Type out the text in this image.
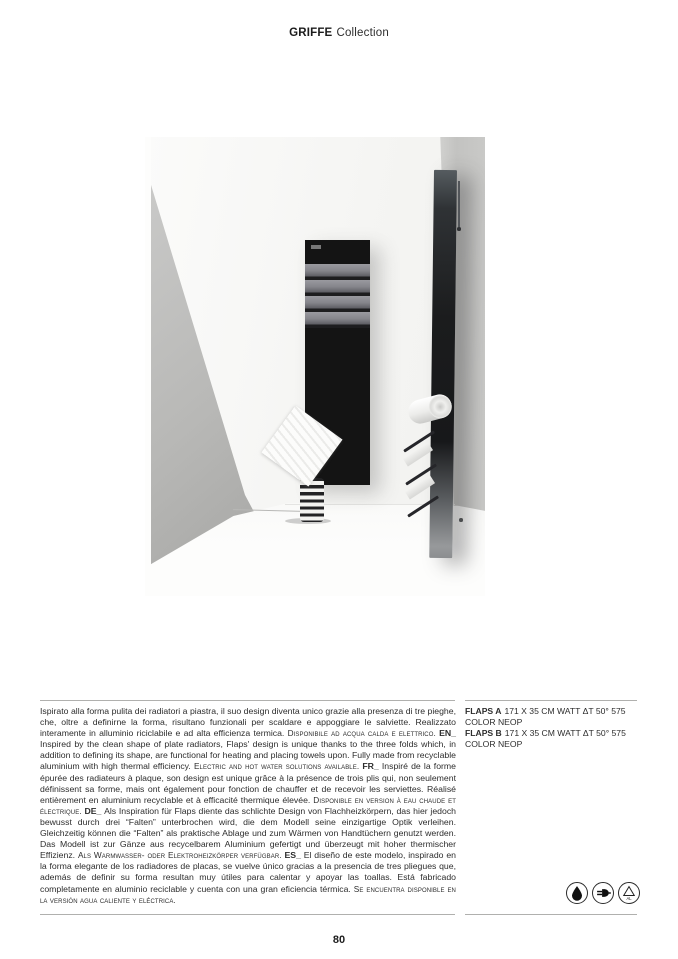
GRIFFE Collection

Ispirato alla forma pulita dei radiatori a piastra, il suo design diventa unico grazie alla presenza di tre pieghe, che, oltre a definirne la forma, risultano funzionali per scaldare e appoggiare le salviette. Realizzato interamente in alluminio riciclabile e ad alta efficienza termica. Disponibile ad acqua calda e elettrico. EN_ Inspired by the clean shape of plate radiators, Flaps' design is unique thanks to the three folds which, in addition to defining its shape, are functional for heating and placing towels upon. Fully made from recyclable aluminium with high thermal efficiency. Electric and hot water solutions available. FR_ Inspiré de la forme épurée des radiateurs à plaque, son design est unique grâce à la présence de trois plis qui, non seulement définissent sa forme, mais ont également pour fonction de chauffer et de recevoir les serviettes. Réalisé entièrement en aluminium recyclable et à efficacité thermique élevée. Disponible en version à eau chaude et électrique. DE_ Als Inspiration für Flaps diente das schlichte Design von Flachheizkörpern, das hier jedoch bewusst durch drei “Falten” unterbrochen wird, die dem Modell seine einzigartige Optik verleihen. Gleichzeitig können die “Falten” als praktische Ablage und zum Wärmen von Handtüchern genutzt werden. Das Modell ist zur Gänze aus recycelbarem Aluminium gefertigt und überzeugt mit hoher thermischer Effizienz. Als Warmwasser- oder Elektroheizkörper verfügbar. ES_ El diseño de este modelo, inspirado en la forma elegante de los radiadores de placas, se vuelve único gracias a la presencia de tres pliegues que, además de definir su forma resultan muy útiles para calentar y apoyar las toallas. Está fabricado completamente en aluminio reciclable y cuenta con una gran eficiencia térmica. Se encuentra disponible en la versión agua caliente y eléctrica.

FLAPS A 171 X 35 CM WATT ΔT 50° 575
COLOR NEOP
FLAPS B 171 X 35 CM WATT ΔT 50° 575
COLOR NEOP
AL
80
